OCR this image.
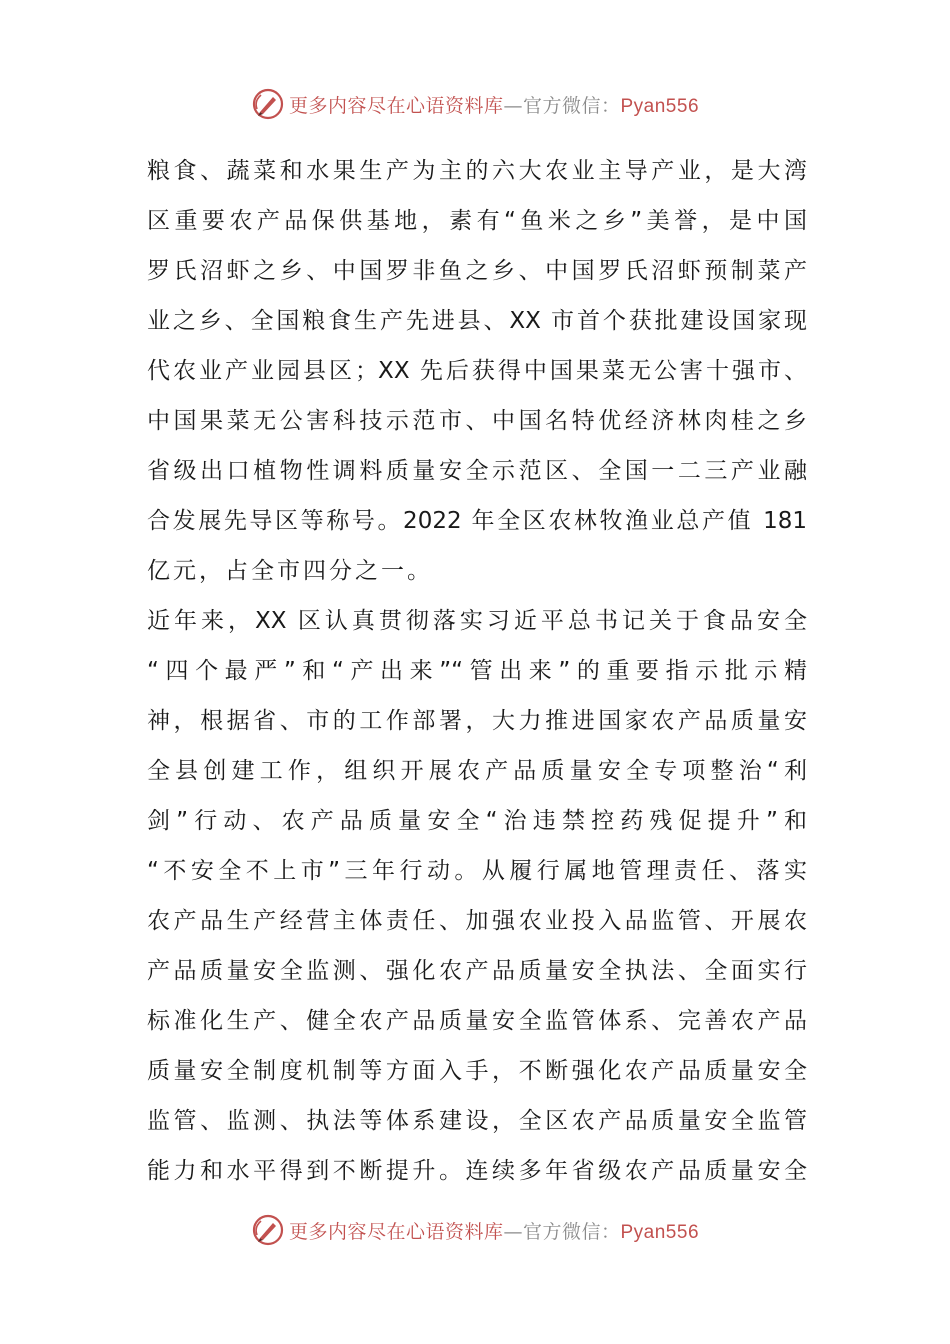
更多内容尽在心语资料库—官方微信：Pyan556
粮食、蔬菜和水果生产为主的六大农业主导产业，是大湾
区重要农产品保供基地，素有“鱼米之乡”美誉，是中国
罗氏沼虾之乡、中国罗非鱼之乡、中国罗氏沼虾预制菜产
业之乡、全国粮食生产先进县、XX 市首个获批建设国家现
代农业产业园县区；XX 先后获得中国果菜无公害十强市、
中国果菜无公害科技示范市、中国名特优经济林肉桂之乡
省级出口植物性调料质量安全示范区、全国一二三产业融
合发展先导区等称号。2022 年全区农林牧渔业总产值 181
亿元，占全市四分之一。
近年来，XX 区认真贯彻落实习近平总书记关于食品安全
“四个最严”和“产出来”“管出来”的重要指示批示精
神，根据省、市的工作部署，大力推进国家农产品质量安
全县创建工作，组织开展农产品质量安全专项整治“利
剑”行动、农产品质量安全“治违禁控药残促提升”和
“不安全不上市”三年行动。从履行属地管理责任、落实
农产品生产经营主体责任、加强农业投入品监管、开展农
产品质量安全监测、强化农产品质量安全执法、全面实行
标准化生产、健全农产品质量安全监管体系、完善农产品
质量安全制度机制等方面入手，不断强化农产品质量安全
监管、监测、执法等体系建设，全区农产品质量安全监管
能力和水平得到不断提升。连续多年省级农产品质量安全
更多内容尽在心语资料库—官方微信：Pyan556
